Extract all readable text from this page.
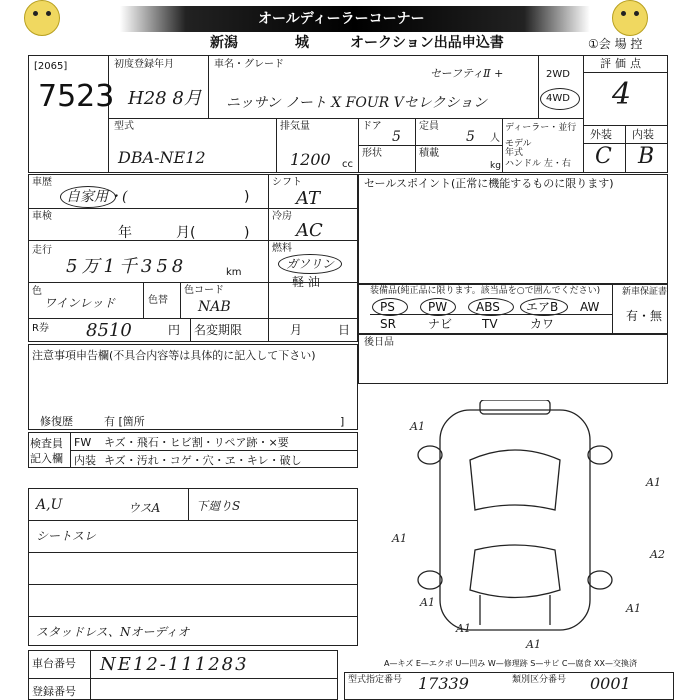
オールディーラーコーナー
新潟	城	オークション出品申込書	①会 場 控
[2065]
7523
初度登録年月
H28 8月
車名・グレード
セーフティⅡ +
ニッサン ノート X FOUR Vセレクション
2WD
4WD
評価点
4
外装 内装
C B
型式
DBA-NE12
排気量
1200 cc
ドア
5
定員
5 人
形状	積載
kg
ディーラー・並行
モデル年式
ハンドル 左・右
車歴
自家用・(	)
シフト
AT
車検
年	月(	)
冷房
AC
走行
5万1千358	km
燃料
ガソリン
軽 油
色
ワインレッド	色替
色コード
NAB
R券 8510	円 名変期限	月	日
注意事項申告欄(不具合内容等は具体的に記入して下さい)
修復歴	有 [箇所	]
セールスポイント(正常に機能するものに限ります)
装備品(純正品に限ります。該当品を○で囲んでください) 新車保証書
有・無
PS	PW ABS エアB AW
SR	ナビ TV	カワ
後日品
検査員記入欄
FW キズ・飛石・ヒビ割・リペア跡・×要
内装 キズ・汚れ・コゲ・穴・ヱ・キレ・破し
A,U	ウスA	下廻りS
シートスレ
スタッドレス、Nオーディオ
A1
A1
A1
A2
A1	A1
A1
A1
車台番号 NE12-111283
登録番号
A—キズ E—エクボ U—凹み W—修理跡 S—サビ C—腐食 XX—交換済
型式指定番号 17339	類別区分番号 0001
